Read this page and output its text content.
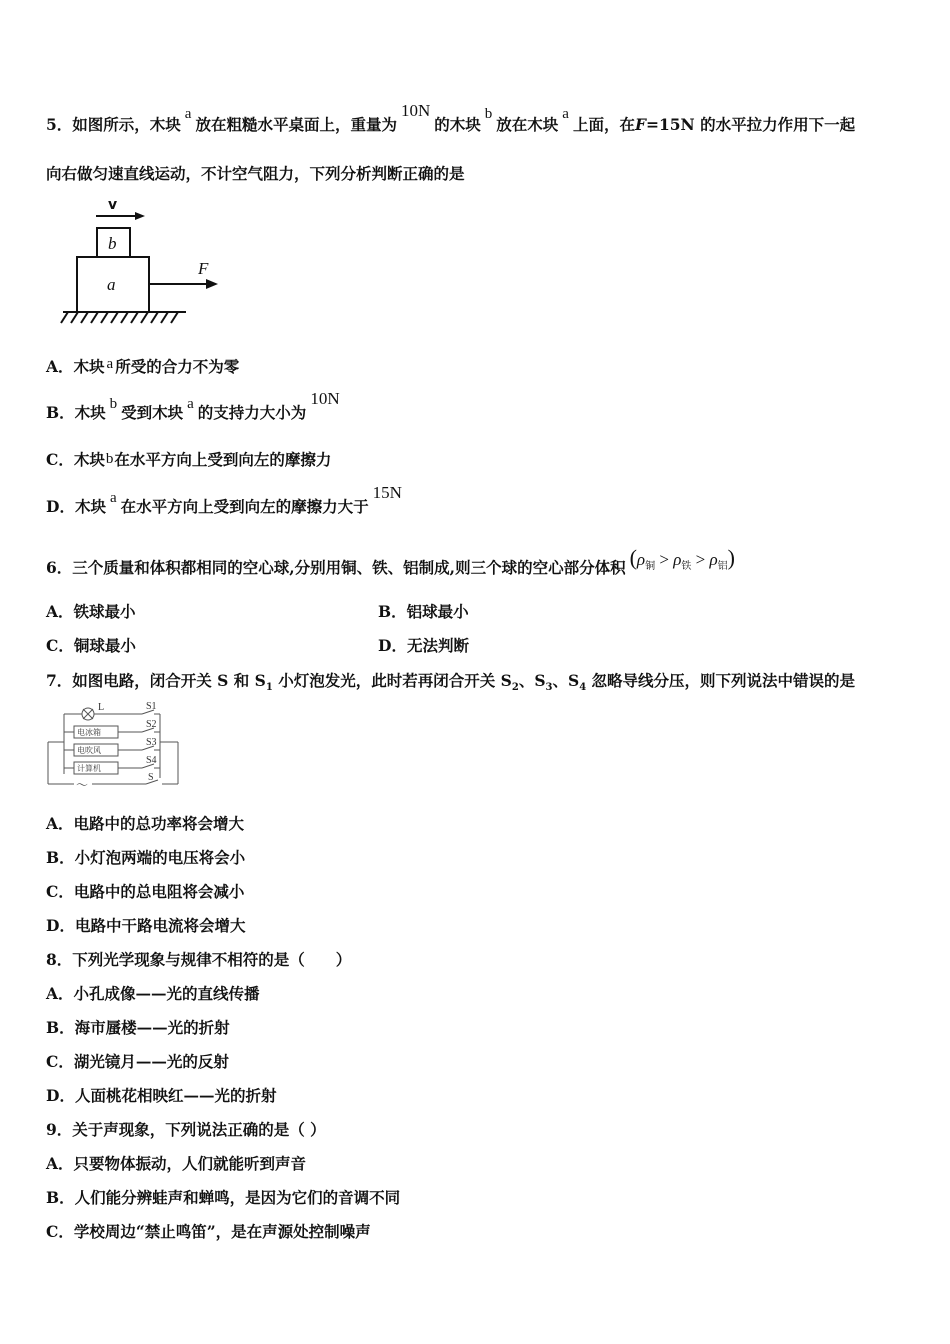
5．如图所示，木块a放在粗糙水平桌面上，重量为10N的木块b放在木块a上面，在F=15N 的水平拉力作用下一起
向右做匀速直线运动，不计空气阻力，下列分析判断正确的是
v
b
a
F
A．木块 a 所受的合力不为零
B．木块 b 受到木块 a 的支持力大小为10N
C．木块b在水平方向上受到向左的摩擦力
D．木块 a 在水平方向上受到向左的摩擦力大于15N
6．三个质量和体积都相同的空心球,分别用铜、铁、铝制成,则三个球的空心部分体积 $(\rho_铜 > \rho_铁 > \rho_铝)$
A．铁球最小	B．铝球最小
C．铜球最小	D．无法判断
7．如图电路，闭合开关 S 和 $S_1$ 小灯泡发光，此时若再闭合开关 $S_2$、$S_3$、$S_4$ 忽略导线分压，则下列说法中错误的是
L	S1
S2
S3
S4
S
电冰箱
电吹风
计算机
～
A．电路中的总功率将会增大
B．小灯泡两端的电压将会小
C．电路中的总电阻将会减小
D．电路中干路电流将会增大
8．下列光学现象与规律不相符的是（　　）
A．小孔成像——光的直线传播
B．海市蜃楼——光的折射
C．湖光镜月——光的反射
D．人面桃花相映红——光的折射
9．关于声现象，下列说法正确的是（ ）
A．只要物体振动，人们就能听到声音
B．人们能分辨蛙声和蝉鸣，是因为它们的音调不同
C．学校周边“禁止鸣笛”，是在声源处控制噪声
